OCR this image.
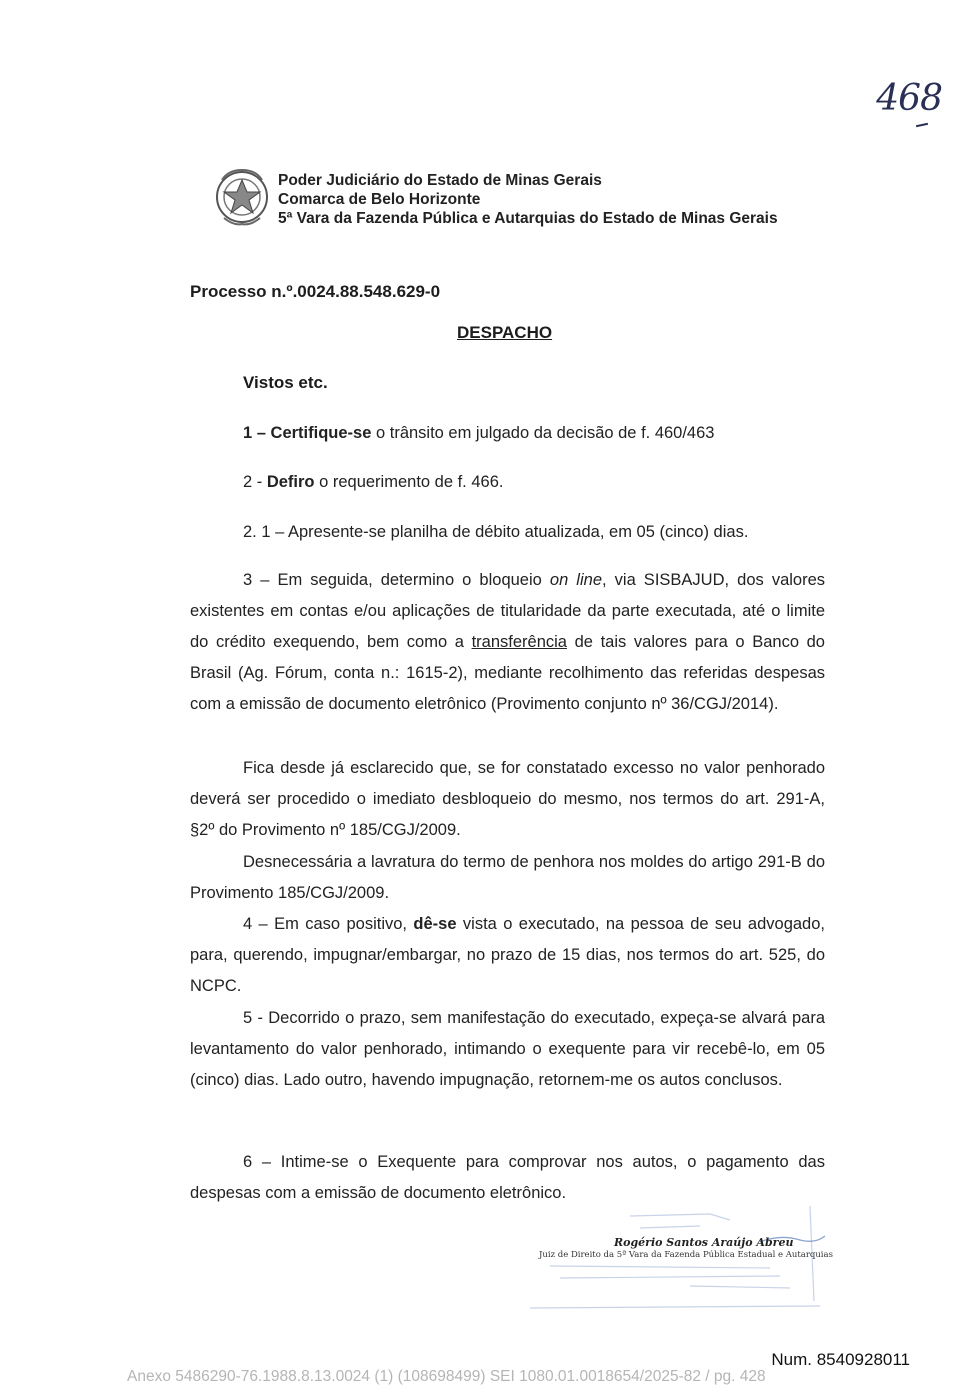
468
Poder Judiciário do Estado de Minas Gerais
Comarca de Belo Horizonte
5ª Vara da Fazenda Pública e Autarquias do Estado de Minas Gerais
Processo n.º.0024.88.548.629-0
DESPACHO
Vistos etc.
1 – Certifique-se o trânsito em julgado da decisão de f. 460/463
2 - Defiro o requerimento de f. 466.
2. 1 – Apresente-se planilha de débito atualizada, em 05 (cinco) dias.
3 – Em seguida, determino o bloqueio on line, via SISBAJUD, dos valores existentes em contas e/ou aplicações de titularidade da parte executada, até o limite do crédito exequendo, bem como a transferência de tais valores para o Banco do Brasil (Ag. Fórum, conta n.: 1615-2), mediante recolhimento das referidas despesas com a emissão de documento eletrônico (Provimento conjunto nº 36/CGJ/2014).
Fica desde já esclarecido que, se for constatado excesso no valor penhorado deverá ser procedido o imediato desbloqueio do mesmo, nos termos do art. 291-A, §2º do Provimento nº 185/CGJ/2009.
Desnecessária a lavratura do termo de penhora nos moldes do artigo 291-B do Provimento 185/CGJ/2009.
4 – Em caso positivo, dê-se vista o executado, na pessoa de seu advogado, para, querendo, impugnar/embargar, no prazo de 15 dias, nos termos do art. 525, do NCPC.
5 - Decorrido o prazo, sem manifestação do executado, expeça-se alvará para levantamento do valor penhorado, intimando o exequente para vir recebê-lo, em 05 (cinco) dias. Lado outro, havendo impugnação, retornem-me os autos conclusos.
6 – Intime-se o Exequente para comprovar nos autos, o pagamento das despesas com a emissão de documento eletrônico.
Rogério Santos Araújo Abreu
Juiz de Direito da 5ª Vara da Fazenda Pública Estadual e Autarquias
Num. 8540928011
Anexo 5486290-76.1988.8.13.0024 (1) (108698499) SEI 1080.01.0018654/2025-82 / pg. 428
